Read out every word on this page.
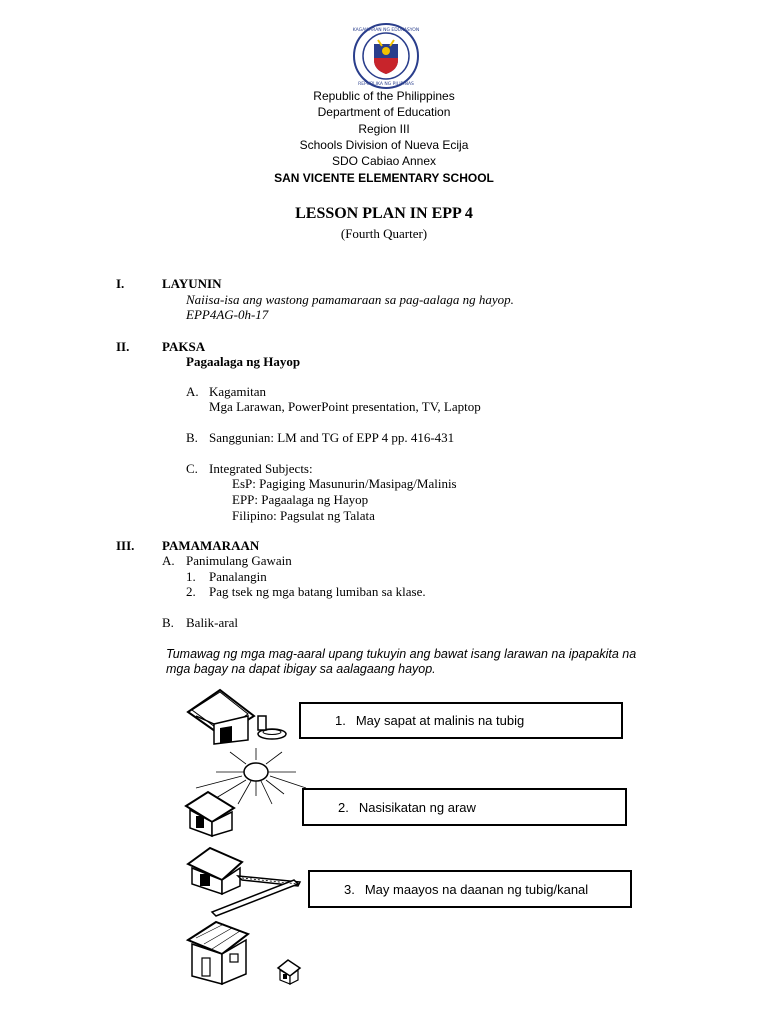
KAGAWARAN NG EDUKASYON
REPUBLIKA NG PILIPINAS
Republic of the Philippines
Department of Education
Region III
Schools Division of Nueva Ecija
SDO Cabiao Annex
SAN VICENTE ELEMENTARY SCHOOL
LESSON PLAN IN EPP 4
(Fourth Quarter)
I.	LAYUNIN
Naiisa-isa ang wastong pamamaraan sa pag-aalaga ng hayop.
EPP4AG-0h-17
II.	PAKSA
Pagaalaga ng Hayop
A. Kagamitan
Mga Larawan, PowerPoint presentation, TV, Laptop
B. Sanggunian: LM and TG of EPP 4 pp. 416-431
C. Integrated Subjects:
EsP: Pagiging Masunurin/Masipag/Malinis
EPP: Pagaalaga ng Hayop
Filipino: Pagsulat ng Talata
III. PAMAMARAAN
A. Panimulang Gawain
1. Panalangin
2. Pag tsek ng mga batang lumiban sa klase.
B. Balik-aral
Tumawag ng mga mag-aaral upang tukuyin ang bawat isang larawan na ipapakita na
mga bagay na dapat ibigay sa aalagaang hayop.
1. May sapat at malinis na tubig
2. Nasisikatan ng araw
3. May maayos na daanan ng tubig/kanal
